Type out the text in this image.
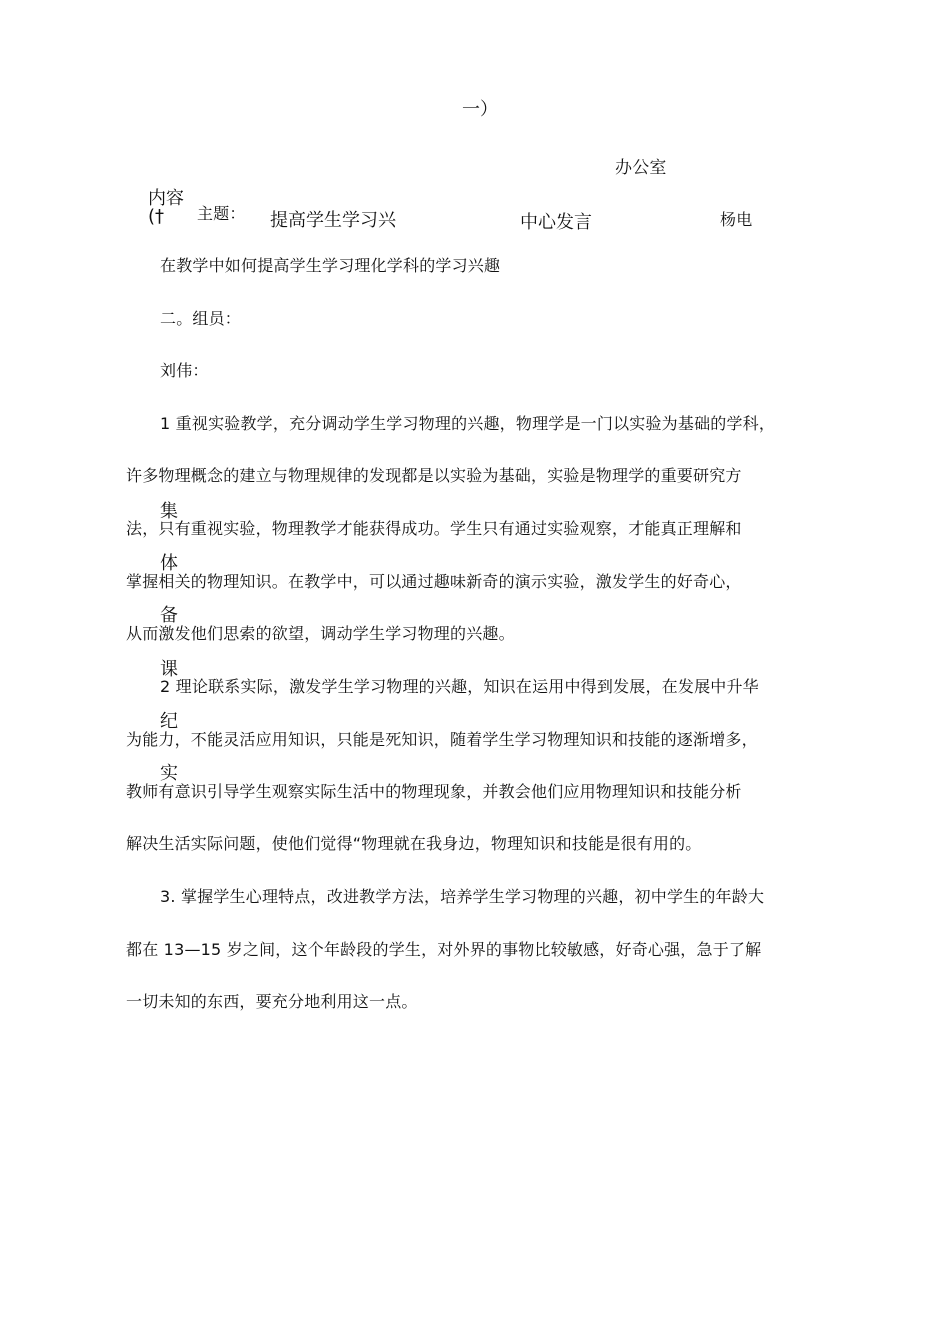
一）
办公室
内容
(† 主题： 提高学生学习兴	中心发言	杨电
集
体
备
课
纪
实
在教学中如何提高学生学习理化学科的学习兴趣
二。组员：
刘伟：
1 重视实验教学，充分调动学生学习物理的兴趣，物理学是一门以实验为基础的学科，
许多物理概念的建立与物理规律的发现都是以实验为基础，实验是物理学的重要研究方
法，只有重视实验，物理教学才能获得成功。学生只有通过实验观察，才能真正理解和
掌握相关的物理知识。在教学中，可以通过趣味新奇的演示实验，激发学生的好奇心，
从而激发他们思索的欲望，调动学生学习物理的兴趣。
2 理论联系实际，激发学生学习物理的兴趣，知识在运用中得到发展，在发展中升华
为能力，不能灵活应用知识，只能是死知识，随着学生学习物理知识和技能的逐渐增多，
教师有意识引导学生观察实际生活中的物理现象，并教会他们应用物理知识和技能分析
解决生活实际问题，使他们觉得“物理就在我身边，物理知识和技能是很有用的。
3. 掌握学生心理特点，改进教学方法，培养学生学习物理的兴趣，初中学生的年龄大
都在 13—15 岁之间，这个年龄段的学生，对外界的事物比较敏感，好奇心强，急于了解
一切未知的东西，要充分地利用这一点。
